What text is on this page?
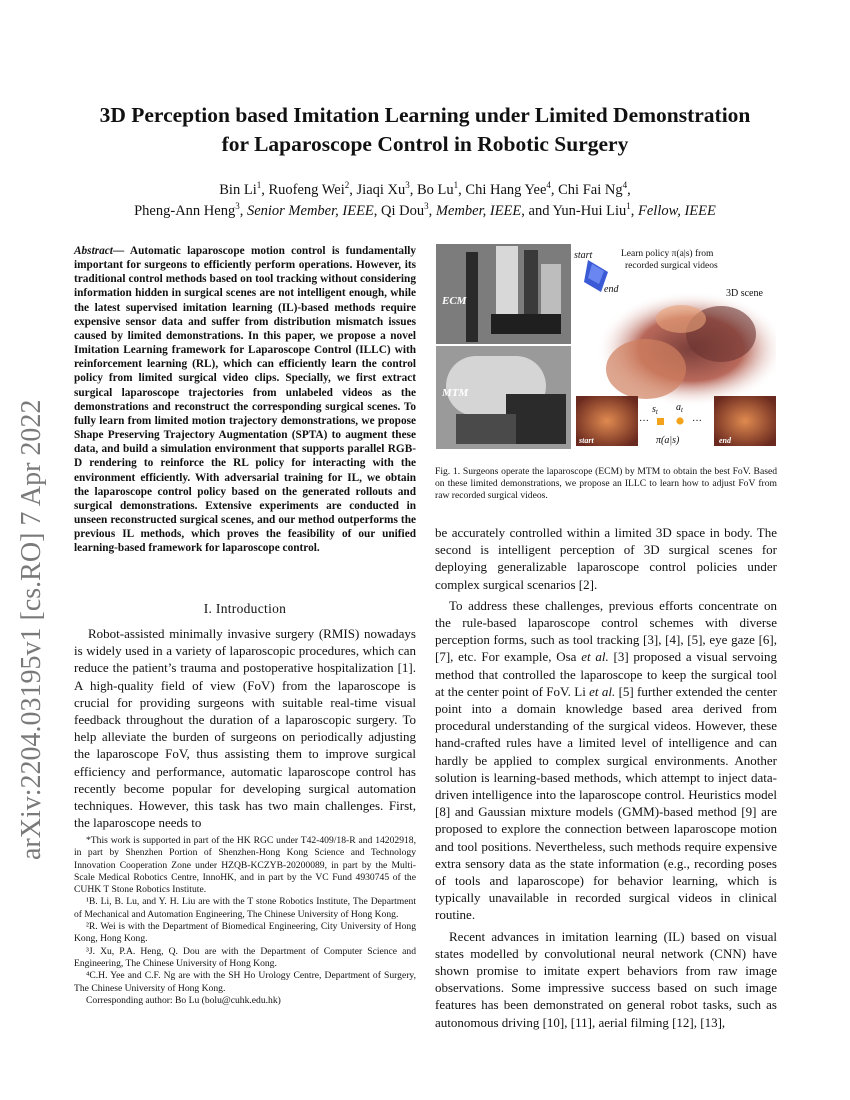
arXiv:2204.03195v1 [cs.RO] 7 Apr 2022
3D Perception based Imitation Learning under Limited Demonstration
for Laparoscope Control in Robotic Surgery
Bin Li$^1$, Ruofeng Wei$^2$, Jiaqi Xu$^3$, Bo Lu$^1$, Chi Hang Yee$^4$, Chi Fai Ng$^4$,
Pheng-Ann Heng$^3$, Senior Member, IEEE, Qi Dou$^3$, Member, IEEE, and Yun-Hui Liu$^1$, Fellow, IEEE

Abstract— Automatic laparoscope motion control is fundamentally important for surgeons to efficiently perform operations. However, its traditional control methods based on tool tracking without considering information hidden in surgical scenes are not intelligent enough, while the latest supervised imitation learning (IL)-based methods require expensive sensor data and suffer from distribution mismatch issues caused by limited demonstrations. In this paper, we propose a novel Imitation Learning framework for Laparoscope Control (ILLC) with reinforcement learning (RL), which can efficiently learn the control policy from limited surgical video clips. Specially, we first extract surgical laparoscope trajectories from unlabeled videos as the demonstrations and reconstruct the corresponding surgical scenes. To fully learn from limited motion trajectory demonstrations, we propose Shape Preserving Trajectory Augmentation (SPTA) to augment these data, and build a simulation environment that supports parallel RGB-D rendering to reinforce the RL policy for interacting with the environment efficiently. With adversarial training for IL, we obtain the laparoscope control policy based on the generated rollouts and surgical demonstrations. Extensive experiments are conducted in unseen reconstructed surgical scenes, and our method outperforms the previous IL methods, which proves the feasibility of our unified learning-based framework for laparoscope control.

I. Introduction

Robot-assisted minimally invasive surgery (RMIS) nowadays is widely used in a variety of laparoscopic procedures, which can reduce the patient’s trauma and postoperative hospitalization [1]. A high-quality field of view (FoV) from the laparoscope is crucial for providing surgeons with suitable real-time visual feedback throughout the duration of a laparoscopic surgery. To help alleviate the burden of surgeons on periodically adjusting the laparoscope FoV, thus assisting them to improve surgical efficiency and performance, automatic laparoscope control has recently become popular for developing surgical automation techniques. However, this task has two main challenges. First, the laparoscope needs to

*This work is supported in part of the HK RGC under T42-409/18-R and 14202918, in part by Shenzhen Portion of Shenzhen-Hong Kong Science and Technology Innovation Cooperation Zone under HZQB-KCZYB-20200089, in part by the Multi-Scale Medical Robotics Centre, InnoHK, and in part by the VC Fund 4930745 of the CUHK T Stone Robotics Institute.

¹B. Li, B. Lu, and Y. H. Liu are with the T stone Robotics Institute, The Department of Mechanical and Automation Engineering, The Chinese University of Hong Kong.

²R. Wei is with the Department of Biomedical Engineering, City University of Hong Kong, Hong Kong.

³J. Xu, P.A. Heng, Q. Dou are with the Department of Computer Science and Engineering, The Chinese University of Hong Kong.

⁴C.H. Yee and C.F. Ng are with the SH Ho Urology Centre, Department of Surgery, The Chinese University of Hong Kong.

Corresponding author: Bo Lu (bolu@cuhk.edu.hk)

ECM
MTM
start
end
Learn policy π(a|s) from
recorded surgical videos
3D scene
start
···
$s_t$ $a_t$
···
π(a|s)	end

Fig. 1. Surgeons operate the laparoscope (ECM) by MTM to obtain the best FoV. Based on these limited demonstrations, we propose an ILLC to learn how to adjust FoV from raw recorded surgical videos.

be accurately controlled within a limited 3D space in body. The second is intelligent perception of 3D surgical scenes for deploying generalizable laparoscope control policies under complex surgical scenarios [2].

To address these challenges, previous efforts concentrate on the rule-based laparoscope control schemes with diverse perception forms, such as tool tracking [3], [4], [5], eye gaze [6], [7], etc. For example, Osa et al. [3] proposed a visual servoing method that controlled the laparoscope to keep the surgical tool at the center point of FoV. Li et al. [5] further extended the center point into a domain knowledge based area derived from procedural understanding of the surgical videos. However, these hand-crafted rules have a limited level of intelligence and can hardly be applied to complex surgical environments. Another solution is learning-based methods, which attempt to inject data-driven intelligence into the laparoscope control. Heuristics model [8] and Gaussian mixture models (GMM)-based method [9] are proposed to explore the connection between laparoscope motion and tool positions. Nevertheless, such methods require expensive extra sensory data as the state information (e.g., recording poses of tools and laparoscope) for behavior learning, which is typically unavailable in recorded surgical videos in clinical routine.

Recent advances in imitation learning (IL) based on visual states modelled by convolutional neural network (CNN) have shown promise to imitate expert behaviors from raw image observations. Some impressive success based on such image features has been demonstrated on general robot tasks, such as autonomous driving [10], [11], aerial filming [12], [13],
